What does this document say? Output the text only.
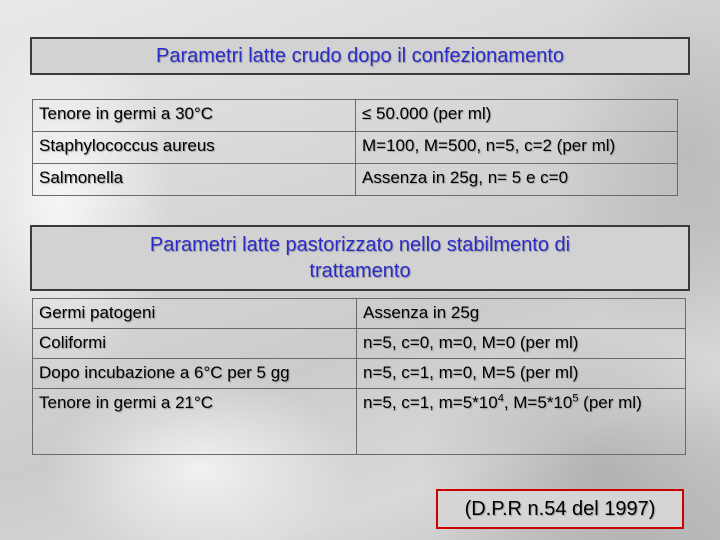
Parametri latte crudo dopo il confezionamento
Tenore in germi a 30°C	≤ 50.000 (per ml)
Staphylococcus aureus	M=100, M=500, n=5, c=2 (per ml)
Salmonella	Assenza in 25g, n= 5 e c=0
Parametri latte pastorizzato nello stabilmento di
trattamento
Germi patogeni	Assenza in 25g
Coliformi	n=5, c=0, m=0, M=0 (per ml)
Dopo incubazione a 6°C per 5 gg	n=5, c=1, m=0, M=5 (per ml)
Tenore in germi a 21°C	n=5, c=1, $m=5*10^4$, $M=5*10^5$ (per ml)
(D.P.R n.54 del 1997)
